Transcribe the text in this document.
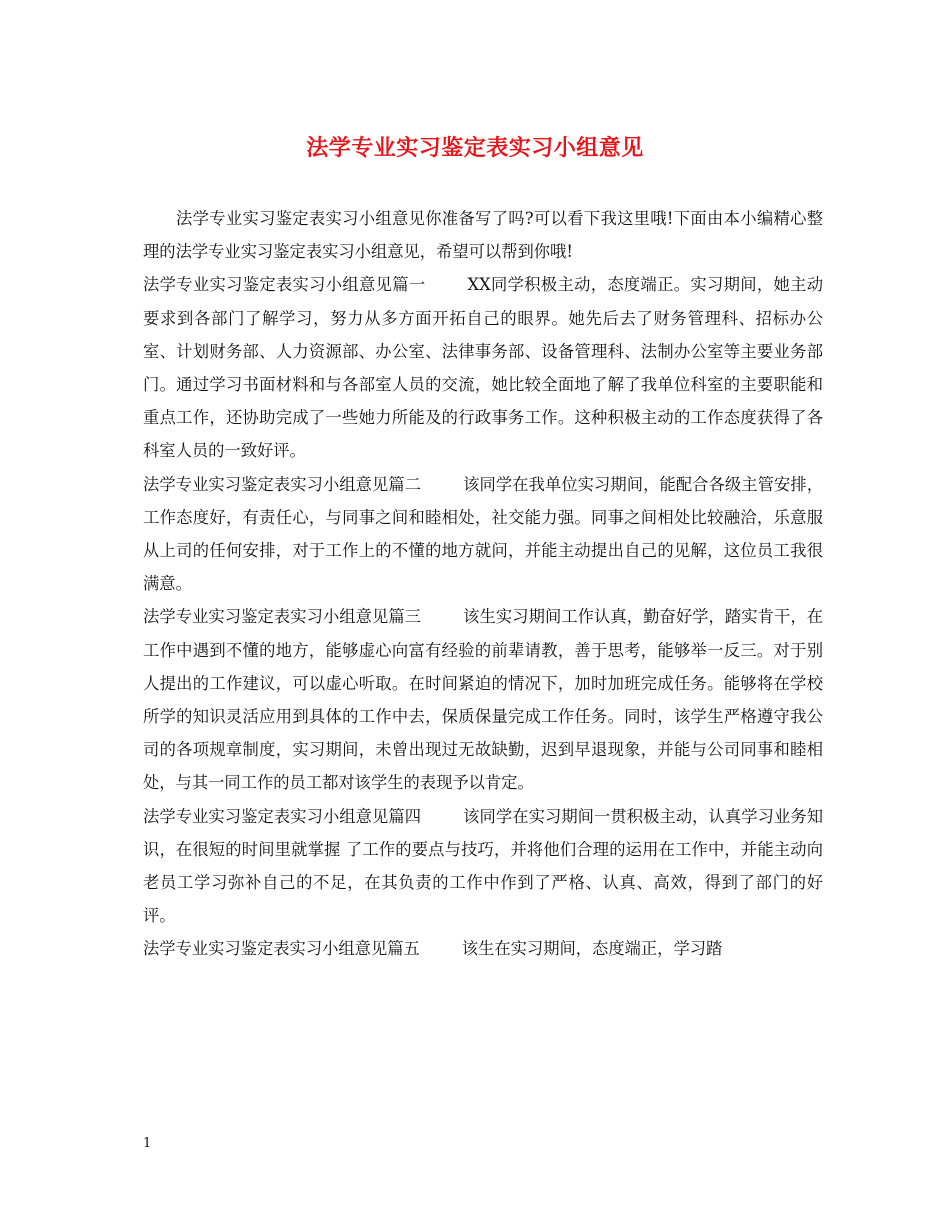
法学专业实习鉴定表实习小组意见

法学专业实习鉴定表实习小组意见你准备写了吗?可以看下我这里哦!下面由本小编精心整理的法学专业实习鉴定表实习小组意见，希望可以帮到你哦!

法学专业实习鉴定表实习小组意见篇一	XX同学积极主动，态度端正。实习期间，她主动要求到各部门了解学习，努力从多方面开拓自己的眼界。她先后去了财务管理科、招标办公室、计划财务部、人力资源部、办公室、法律事务部、设备管理科、法制办公室等主要业务部门。通过学习书面材料和与各部室人员的交流，她比较全面地了解了我单位科室的主要职能和重点工作，还协助完成了一些她力所能及的行政事务工作。这种积极主动的工作态度获得了各科室人员的一致好评。

法学专业实习鉴定表实习小组意见篇二	该同学在我单位实习期间，能配合各级主管安排，工作态度好，有责任心，与同事之间和睦相处，社交能力强。同事之间相处比较融洽，乐意服从上司的任何安排，对于工作上的不懂的地方就问，并能主动提出自己的见解，这位员工我很满意。

法学专业实习鉴定表实习小组意见篇三	该生实习期间工作认真，勤奋好学，踏实肯干，在工作中遇到不懂的地方，能够虚心向富有经验的前辈请教，善于思考，能够举一反三。对于别人提出的工作建议，可以虚心听取。在时间紧迫的情况下，加时加班完成任务。能够将在学校所学的知识灵活应用到具体的工作中去，保质保量完成工作任务。同时，该学生严格遵守我公司的各项规章制度，实习期间，未曾出现过无故缺勤，迟到早退现象，并能与公司同事和睦相处，与其一同工作的员工都对该学生的表现予以肯定。

法学专业实习鉴定表实习小组意见篇四	该同学在实习期间一贯积极主动，认真学习业务知识，在很短的时间里就掌握 了工作的要点与技巧，并将他们合理的运用在工作中，并能主动向老员工学习弥补自己的不足，在其负责的工作中作到了严格、认真、高效，得到了部门的好评。

法学专业实习鉴定表实习小组意见篇五	该生在实习期间，态度端正，学习踏

1
